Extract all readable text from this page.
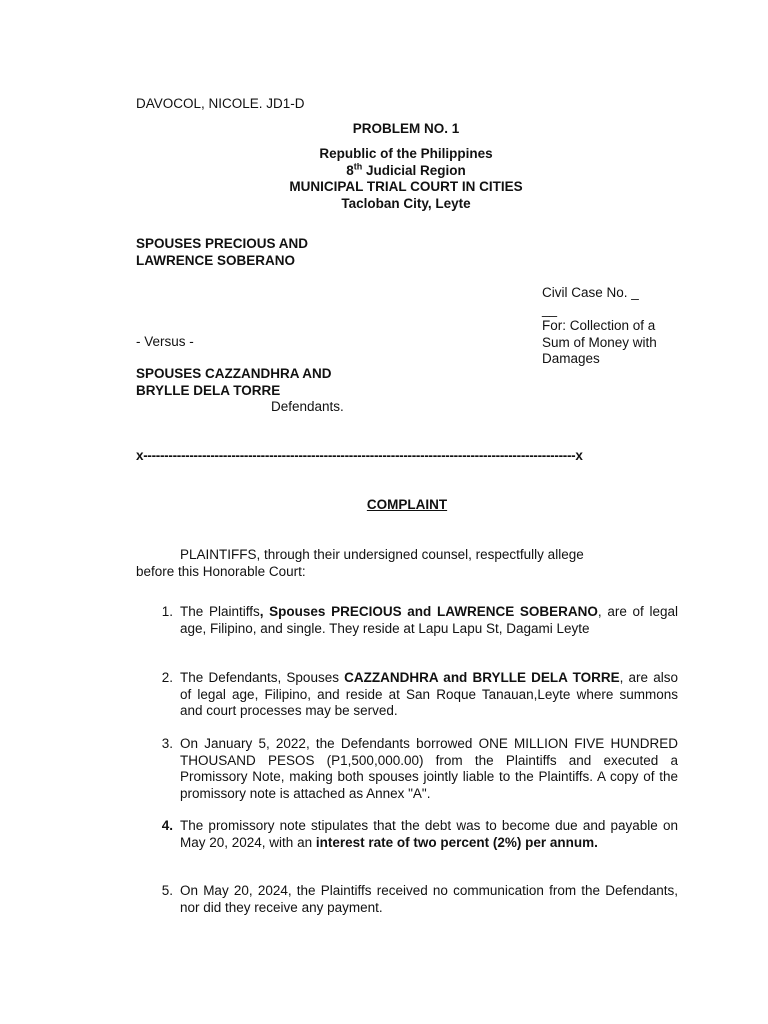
DAVOCOL, NICOLE. JD1-D
PROBLEM NO. 1
Republic of the Philippines
8th Judicial Region
MUNICIPAL TRIAL COURT IN CITIES
Tacloban City, Leyte
SPOUSES PRECIOUS AND
LAWRENCE SOBERANO
Civil Case No. _
__
For: Collection of a
Sum of Money with
Damages
- Versus -
SPOUSES CAZZANDHRA AND
BRYLLE DELA TORRE
Defendants.
x-------------------------------------------------------------------------------------------------------x
COMPLAINT
PLAINTIFFS, through their undersigned counsel, respectfully allege
before this Honorable Court:
1. The Plaintiffs, Spouses PRECIOUS and LAWRENCE SOBERANO, are of legal age, Filipino, and single. They reside at Lapu Lapu St, Dagami Leyte
2. The Defendants, Spouses CAZZANDHRA and BRYLLE DELA TORRE, are also of legal age, Filipino, and reside at San Roque Tanauan,Leyte where summons and court processes may be served.
3. On January 5, 2022, the Defendants borrowed ONE MILLION FIVE HUNDRED THOUSAND PESOS (P1,500,000.00) from the Plaintiffs and executed a Promissory Note, making both spouses jointly liable to the Plaintiffs. A copy of the promissory note is attached as Annex "A".
4. The promissory note stipulates that the debt was to become due and payable on May 20, 2024, with an interest rate of two percent (2%) per annum.
5. On May 20, 2024, the Plaintiffs received no communication from the Defendants, nor did they receive any payment.
